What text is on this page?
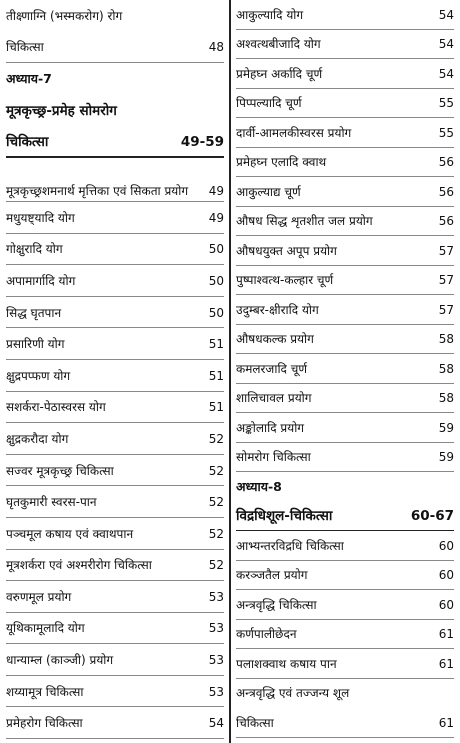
तीक्ष्णाग्नि (भस्मकरोग) रोग
चिकित्सा	48
अध्याय-7
मूत्रकृच्छ्र-प्रमेह सोमरोग
चिकित्सा	49-59
मूत्रकृच्छ्रशमनार्थ मृत्तिका एवं सिकता प्रयोग	49
मधुयष्ट्यादि योग	49
गोक्षुरादि योग	50
अपामार्गादि योग	50
सिद्ध घृतपान	50
प्रसारिणी योग	51
क्षुद्रपप्फण योग	51
सशर्करा-पेठास्वरस योग	51
क्षुद्रकरौदा योग	52
सज्वर मूत्रकृच्छ्र चिकित्सा	52
घृतकुमारी स्वरस-पान	52
पञ्चमूल कषाय एवं क्वाथपान	52
मूत्रशर्करा एवं अश्मरीरोग चिकित्सा	52
वरुणमूल प्रयोग	53
यूथिकामूलादि योग	53
धान्याम्ल (काञ्जी) प्रयोग	53
शय्यामूत्र चिकित्सा	53
प्रमेहरोग चिकित्सा	54
आकुल्यादि योग	54
अश्वत्थबीजादि योग	54
प्रमेहघ्न अर्कादि चूर्ण	54
पिप्पल्यादि चूर्ण	55
दार्वी-आमलकीस्वरस प्रयोग	55
प्रमेहघ्न एलादि क्वाथ	56
आकुल्याद्य चूर्ण	56
औषध सिद्ध शृतशीत जल प्रयोग	56
औषधयुक्त अपूप प्रयोग	57
पुष्पाश्वत्थ-कल्हार चूर्ण	57
उदुम्बर-क्षीरादि योग	57
औषधकल्क प्रयोग	58
कमलरजादि चूर्ण	58
शालिचावल प्रयोग	58
अङ्कोलादि प्रयोग	59
सोमरोग चिकित्सा	59
अध्याय-8
विद्रधिशूल-चिकित्सा	60-67
आभ्यन्तरविद्रधि चिकित्सा	60
करञ्जतैल प्रयोग	60
अन्त्रवृद्धि चिकित्सा	60
कर्णपालीछेदन	61
पलाशक्वाथ कषाय पान	61
अन्त्रवृद्धि एवं तज्जन्य शूल
चिकित्सा	61
